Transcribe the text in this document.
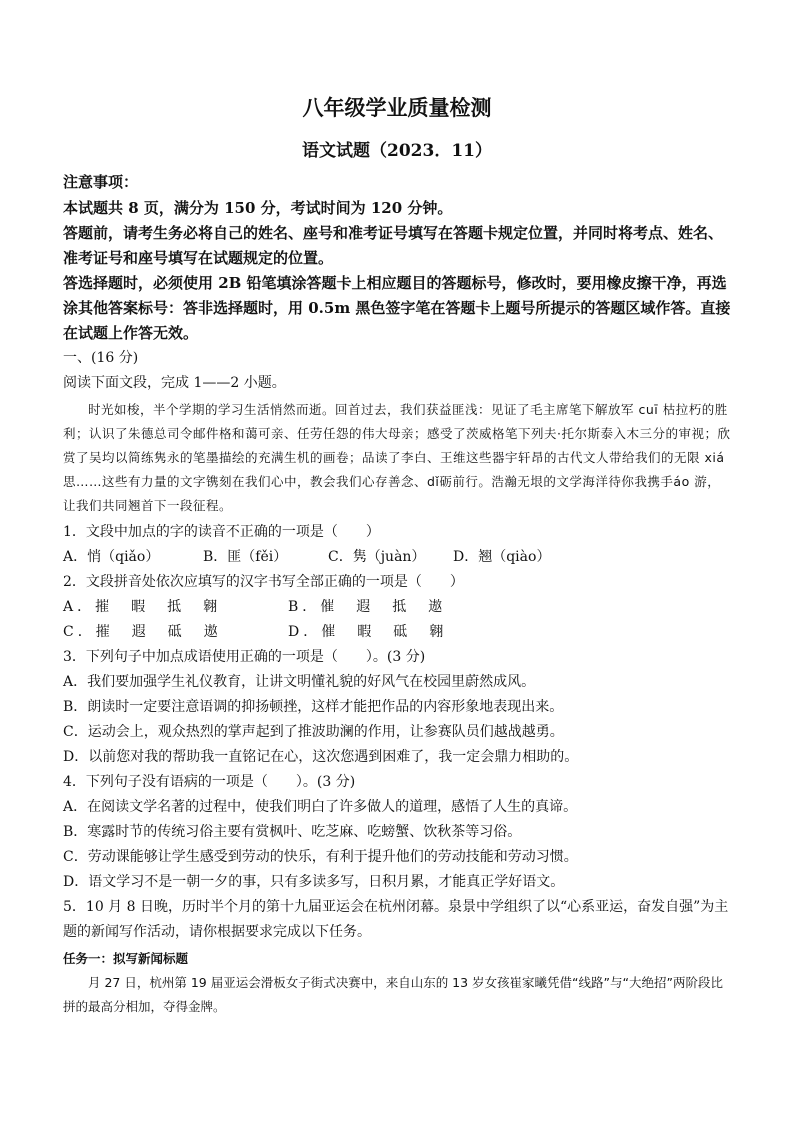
八年级学业质量检测
语文试题（2023．11）
注意事项：

本试题共 8 页，满分为 150 分，考试时间为 120 分钟。

答题前，请考生务必将自己的姓名、座号和准考证号填写在答题卡规定位置，并同时将考点、姓名、准考证号和座号填写在试题规定的位置。

答选择题时，必须使用 2B 铅笔填涂答题卡上相应题目的答题标号，修改时，要用橡皮擦干净，再选涂其他答案标号：答非选择题时，用 0.5m 黑色签字笔在答题卡上题号所提示的答题区域作答。直接在试题上作答无效。

一、(16 分)
阅读下面文段，完成 1——2 小题。

时光如梭，半个学期的学习生活悄然而逝。回首过去，我们获益匪浅：见证了毛主席笔下解放军 cuī 枯拉朽的胜利；认识了朱德总司令邮件格和蔼可亲、任劳任怨的伟大母亲；感受了茨威格笔下列夫·托尔斯泰入木三分的审视；欣赏了吴均以简练隽永的笔墨描绘的充满生机的画卷；品读了李白、王维这些器宇轩昂的古代文人带给我们的无限 xiá思……这些有力量的文字镌刻在我们心中，教会我们心存善念、dǐ砺前行。浩瀚无垠的文学海洋待你我携手áo 游，让我们共同翘首下一段征程。

1．文段中加点的字的读音不正确的一项是（　　）
A．悄（qiǎo）	B．匪（fěi）	C．隽（juàn）	D．翘（qiào）
2．文段拼音处依次应填写的汉字书写全部正确的一项是（　　）
A．摧　暇　抵　翱	B．催　遐　抵　遨
C．摧　遐　砥　遨	D．催　暇　砥　翱
3．下列句子中加点成语使用正确的一项是（　　）。(3 分)
A．我们要加强学生礼仪教育，让讲文明懂礼貌的好风气在校园里蔚然成风。
B．朗读时一定要注意语调的抑扬顿挫，这样才能把作品的内容形象地表现出来。
C．运动会上，观众热烈的掌声起到了推波助澜的作用，让参赛队员们越战越勇。
D．以前您对我的帮助我一直铭记在心，这次您遇到困难了，我一定会鼎力相助的。
4．下列句子没有语病的一项是（　　）。(3 分)
A．在阅读文学名著的过程中，使我们明白了许多做人的道理，感悟了人生的真谛。
B．寒露时节的传统习俗主要有赏枫叶、吃芝麻、吃螃蟹、饮秋茶等习俗。
C．劳动课能够让学生感受到劳动的快乐，有利于提升他们的劳动技能和劳动习惯。
D．语文学习不是一朝一夕的事，只有多读多写，日积月累，才能真正学好语文。

5．10 月 8 日晚，历时半个月的第十九届亚运会在杭州闭幕。泉景中学组织了以“心系亚运，奋发自强”为主题的新闻写作活动，请你根据要求完成以下任务。

任务一：拟写新闻标题

月 27 日，杭州第 19 届亚运会滑板女子街式决赛中，来自山东的 13 岁女孩崔家曦凭借“线路”与“大绝招”两阶段比拼的最高分相加，夺得金牌。
